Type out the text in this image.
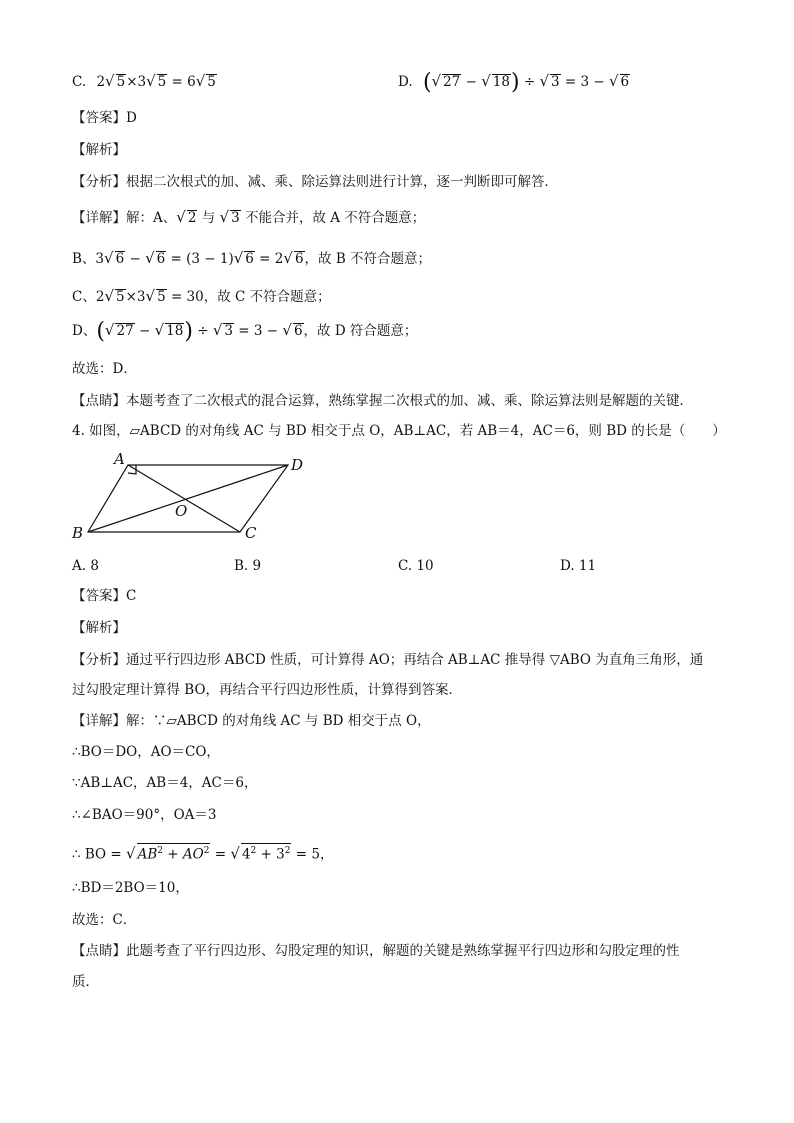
C. 2√ 5×3√ 5 = 6√ 5	D. (√ 27 − √ 18) ÷ √ 3 = 3 − √ 6
【答案】D
【解析】
【分析】根据二次根式的加、减、乘、除运算法则进行计算，逐一判断即可解答．
【详解】解：A、√ 2 与 √ 3 不能合并，故 A 不符合题意；
B、3√ 6 − √ 6 = (3 − 1)√ 6 = 2√ 6，故 B 不符合题意；
C、2√ 5×3√ 5 = 30，故 C 不符合题意；
D、(√ 27 − √ 18) ÷ √ 3 = 3 − √ 6，故 D 符合题意；
故选：D．
【点睛】本题考查了二次根式的混合运算，熟练掌握二次根式的加、减、乘、除运算法则是解题的关键．
4. 如图，▱ABCD 的对角线 AC 与 BD 相交于点 O，AB⊥AC，若 AB＝4，AC＝6，则 BD 的长是（　　）
A	D
O
B	C
A. 8	B. 9	C. 10	D. 11
【答案】C
【解析】
【分析】通过平行四边形 ABCD 性质，可计算得 AO；再结合 AB⊥AC 推导得 ▽ABO 为直角三角形，通
过勾股定理计算得 BO，再结合平行四边形性质，计算得到答案．
【详解】解：∵▱ABCD 的对角线 AC 与 BD 相交于点 O，
∴BO＝DO，AO＝CO，
∵AB⊥AC，AB＝4，AC＝6，
∴∠BAO＝90°，OA＝3
∴ BO = √ $AB^2 + AO^2$ = √ $4^2 + 3^2 = 5$，
∴BD＝2BO＝10，
故选：C．
【点睛】此题考查了平行四边形、勾股定理的知识，解题的关键是熟练掌握平行四边形和勾股定理的性
质．
